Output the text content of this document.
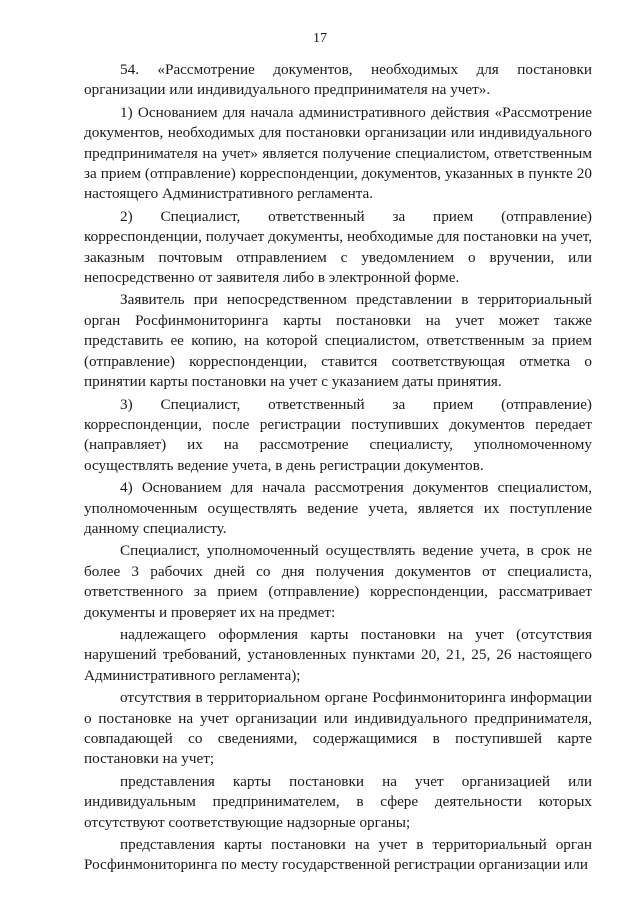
17

54. «Рассмотрение документов, необходимых для постановки организации или индивидуального предпринимателя на учет».

1) Основанием для начала административного действия «Рассмотрение документов, необходимых для постановки организации или индивидуального предпринимателя на учет» является получение специалистом, ответственным за прием (отправление) корреспонденции, документов, указанных в пункте 20 настоящего Административного регламента.

2) Специалист, ответственный за прием (отправление) корреспонденции, получает документы, необходимые для постановки на учет, заказным почтовым отправлением с уведомлением о вручении, или непосредственно от заявителя либо в электронной форме.

Заявитель при непосредственном представлении в территориальный орган Росфинмониторинга карты постановки на учет может также представить ее копию, на которой специалистом, ответственным за прием (отправление) корреспонденции, ставится соответствующая отметка о принятии карты постановки на учет с указанием даты принятия.

3) Специалист, ответственный за прием (отправление) корреспонденции, после регистрации поступивших документов передает (направляет) их на рассмотрение специалисту, уполномоченному осуществлять ведение учета, в день регистрации документов.

4) Основанием для начала рассмотрения документов специалистом, уполномоченным осуществлять ведение учета, является их поступление данному специалисту.

Специалист, уполномоченный осуществлять ведение учета, в срок не более 3 рабочих дней со дня получения документов от специалиста, ответственного за прием (отправление) корреспонденции, рассматривает документы и проверяет их на предмет:

надлежащего оформления карты постановки на учет (отсутствия нарушений требований, установленных пунктами 20, 21, 25, 26 настоящего Административного регламента);

отсутствия в территориальном органе Росфинмониторинга информации о постановке на учет организации или индивидуального предпринимателя, совпадающей со сведениями, содержащимися в поступившей карте постановки на учет;

представления карты постановки на учет организацией или индивидуальным предпринимателем, в сфере деятельности которых отсутствуют соответствующие надзорные органы;

представления карты постановки на учет в территориальный орган Росфинмониторинга по месту государственной регистрации организации или
